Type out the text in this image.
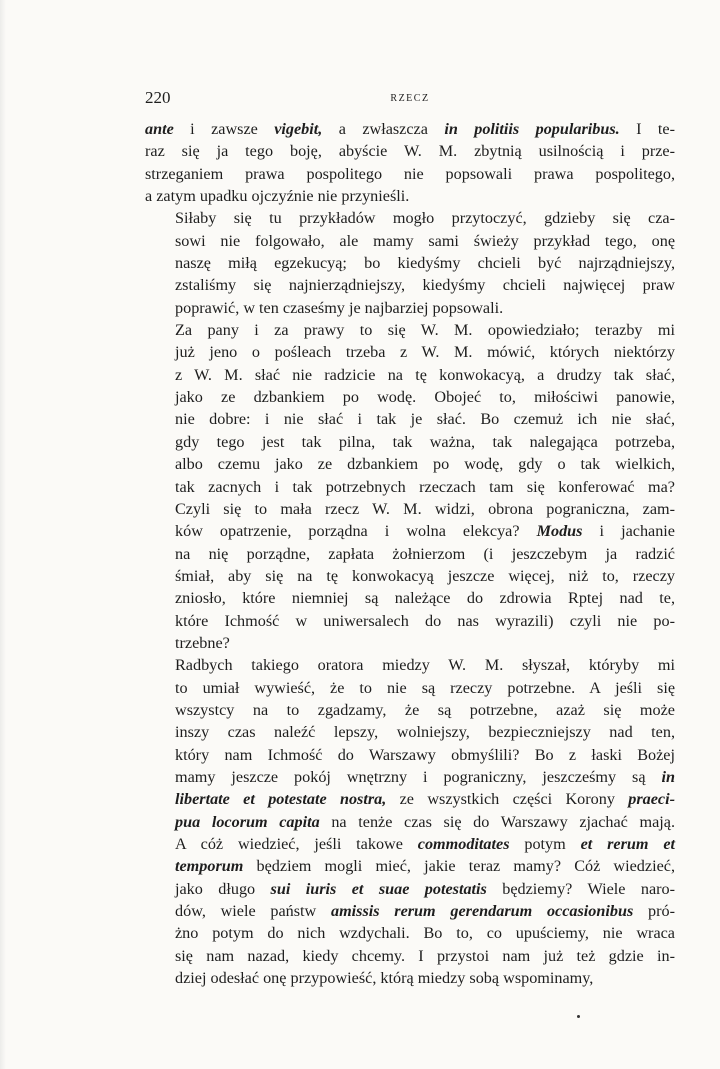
220	RZECZ

ante i zawsze vigebit, a zwłaszcza in politiis popularibus. I te-
raz się ja tego boję, abyście W. M. zbytnią usilnością i prze-
strzeganiem prawa pospolitego nie popsowali prawa pospolitego,
a zatym upadku ojczyźnie nie przynieśli.

Siłaby się tu przykładów mogło przytoczyć, gdzieby się cza-
sowi nie folgowało, ale mamy sami świeży przykład tego, onę
naszę miłą egzekucyą; bo kiedyśmy chcieli być najrządniejszy,
zstaliśmy się najnierządniejszy, kiedyśmy chcieli najwięcej praw
poprawić, w ten czaseśmy je najbarziej popsowali.

Za pany i za prawy to się W. M. opowiedziało; terazby mi
już jeno o pośleach trzeba z W. M. mówić, których niektórzy
z W. M. słać nie radzicie na tę konwokacyą, a drudzy tak słać,
jako ze dzbankiem po wodę. Obojeć to, miłościwi panowie,
nie dobre: i nie słać i tak je słać. Bo czemuż ich nie słać,
gdy tego jest tak pilna, tak ważna, tak nalegająca potrzeba,
albo czemu jako ze dzbankiem po wodę, gdy o tak wielkich,
tak zacnych i tak potrzebnych rzeczach tam się konferować ma?
Czyli się to mała rzecz W. M. widzi, obrona pograniczna, zam-
ków opatrzenie, porządna i wolna elekcya? Modus i jachanie
na nię porządne, zapłata żołnierzom (i jeszczebym ja radzić
śmiał, aby się na tę konwokacyą jeszcze więcej, niż to, rzeczy
zniosło, które niemniej są należące do zdrowia Rptej nad te,
które Ichmość w uniwersalech do nas wyrazili) czyli nie po-
trzebne?

Radbych takiego oratora miedzy W. M. słyszał, któryby mi
to umiał wywieść, że to nie są rzeczy potrzebne. A jeśli się
wszystcy na to zgadzamy, że są potrzebne, azaż się może
inszy czas naleźć lepszy, wolniejszy, bezpieczniejszy nad ten,
który nam Ichmość do Warszawy obmyślili? Bo z łaski Bożej
mamy jeszcze pokój wnętrzny i pograniczny, jeszcześmy są in
libertate et potestate nostra, ze wszystkich części Korony praeci-
pua locorum capita na tenże czas się do Warszawy zjachać mają.
A cóż wiedzieć, jeśli takowe commoditates potym et rerum et
temporum będziem mogli mieć, jakie teraz mamy? Cóż wiedzieć,
jako długo sui iuris et suae potestatis będziemy? Wiele naro-
dów, wiele państw amissis rerum gerendarum occasionibus pró-
żno potym do nich wzdychali. Bo to, co upuściemy, nie wraca
się nam nazad, kiedy chcemy. I przystoi nam już też gdzie in-
dziej odesłać onę przypowieść, którą miedzy sobą wspominamy,
